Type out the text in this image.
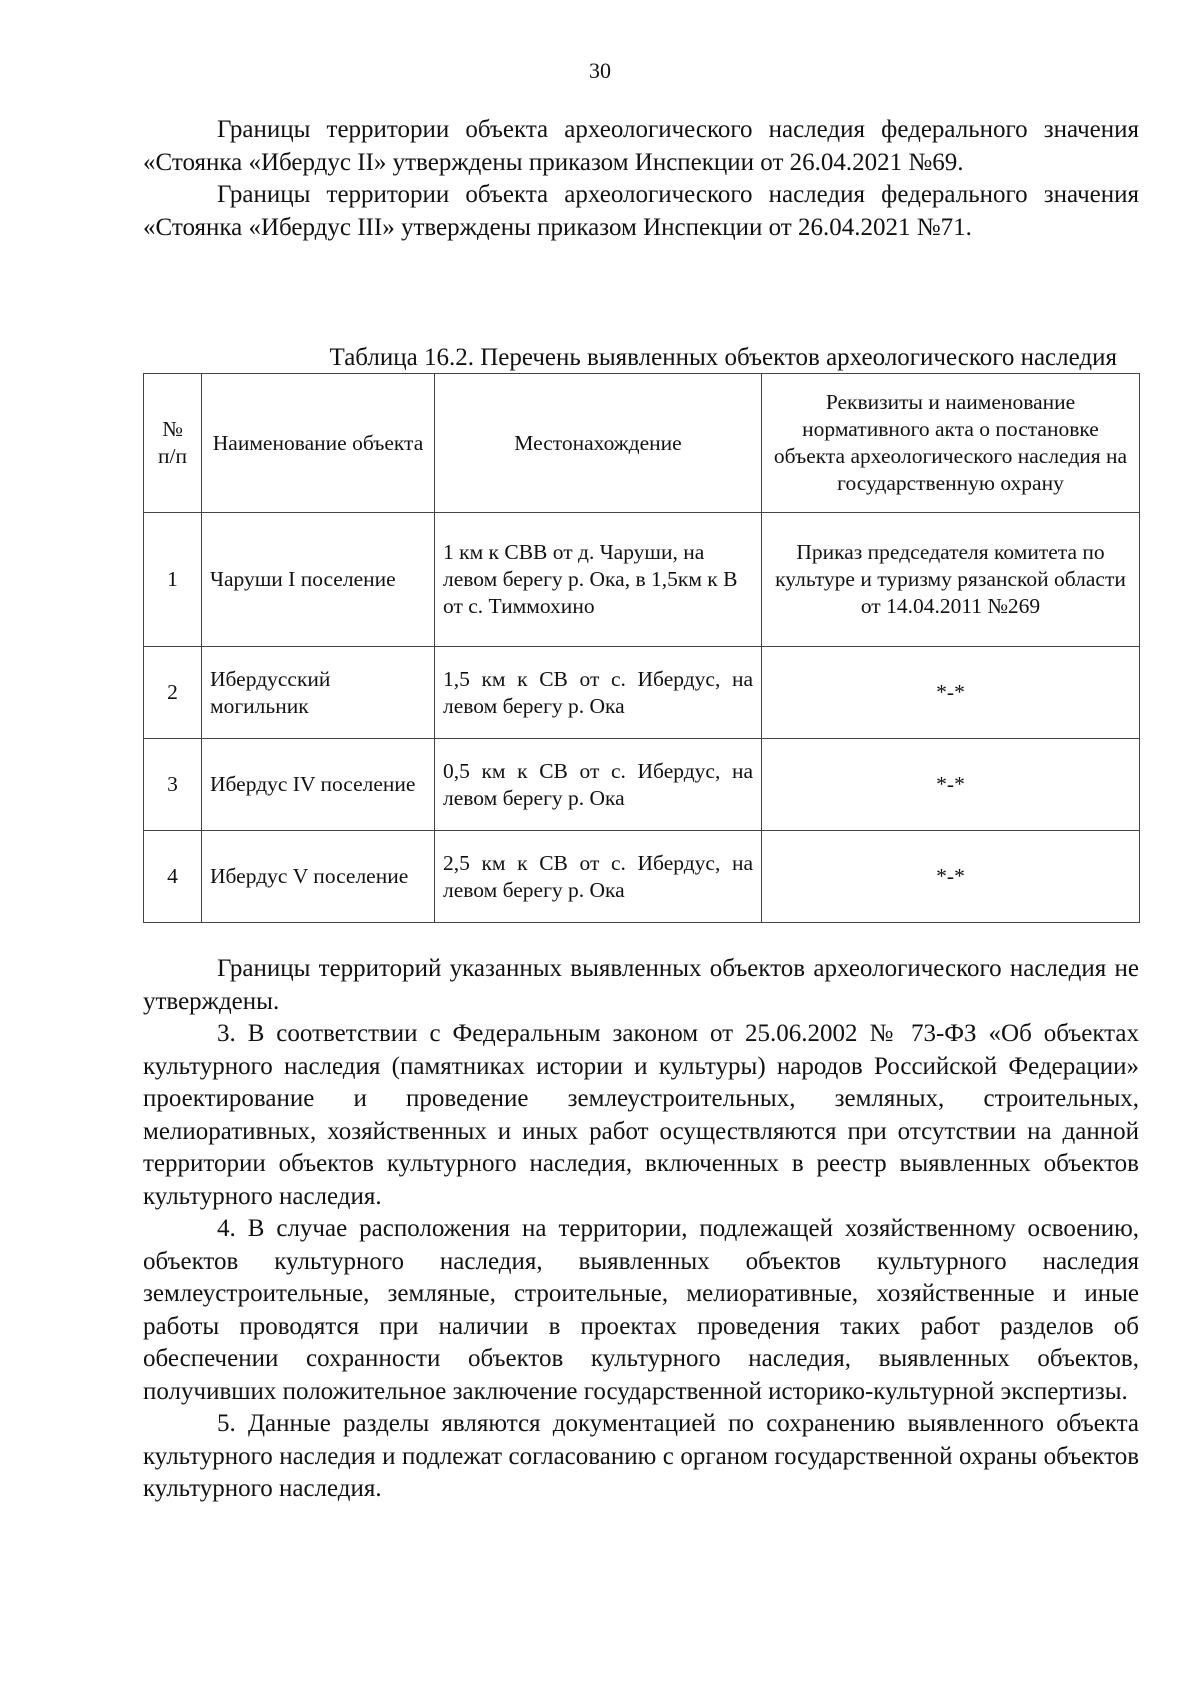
30

Границы территории объекта археологического наследия федерального значения «Стоянка «Ибердус II» утверждены приказом Инспекции от 26.04.2021 №69.

Границы территории объекта археологического наследия федерального значения «Стоянка «Ибердус III» утверждены приказом Инспекции от 26.04.2021 №71.

Таблица 16.2. Перечень выявленных объектов археологического наследия
№ п/п	Наименование объекта	Местонахождение	Реквизиты и наименование нормативного акта о постановке объекта археологического наследия на государственную охрану
1	Чаруши I поселение	1 км к СВВ от д. Чаруши, на левом берегу р. Ока, в 1,5км к В от с. Тиммохино	Приказ председателя комитета по культуре и туризму рязанской области от 14.04.2011 №269
2	Ибердусский могильник	1,5 км к СВ от с. Ибердус, на левом берегу р. Ока	*-*
3	Ибердус IV поселение	0,5 км к СВ от с. Ибердус, на левом берегу р. Ока	*-*
4	Ибердус V поселение	2,5 км к СВ от с. Ибердус, на левом берегу р. Ока	*-*

Границы территорий указанных выявленных объектов археологического наследия не утверждены.

3. В соответствии с Федеральным законом от 25.06.2002 № 73-ФЗ «Об объектах культурного наследия (памятниках истории и культуры) народов Российской Федерации» проектирование и проведение землеустроительных, земляных, строительных, мелиоративных, хозяйственных и иных работ осуществляются при отсутствии на данной территории объектов культурного наследия, включенных в реестр выявленных объектов культурного наследия.

4. В случае расположения на территории, подлежащей хозяйственному освоению, объектов культурного наследия, выявленных объектов культурного наследия землеустроительные, земляные, строительные, мелиоративные, хозяйственные и иные работы проводятся при наличии в проектах проведения таких работ разделов об обеспечении сохранности объектов культурного наследия, выявленных объектов, получивших положительное заключение государственной историко-культурной экспертизы.

5. Данные разделы являются документацией по сохранению выявленного объекта культурного наследия и подлежат согласованию с органом государственной охраны объектов культурного наследия.
